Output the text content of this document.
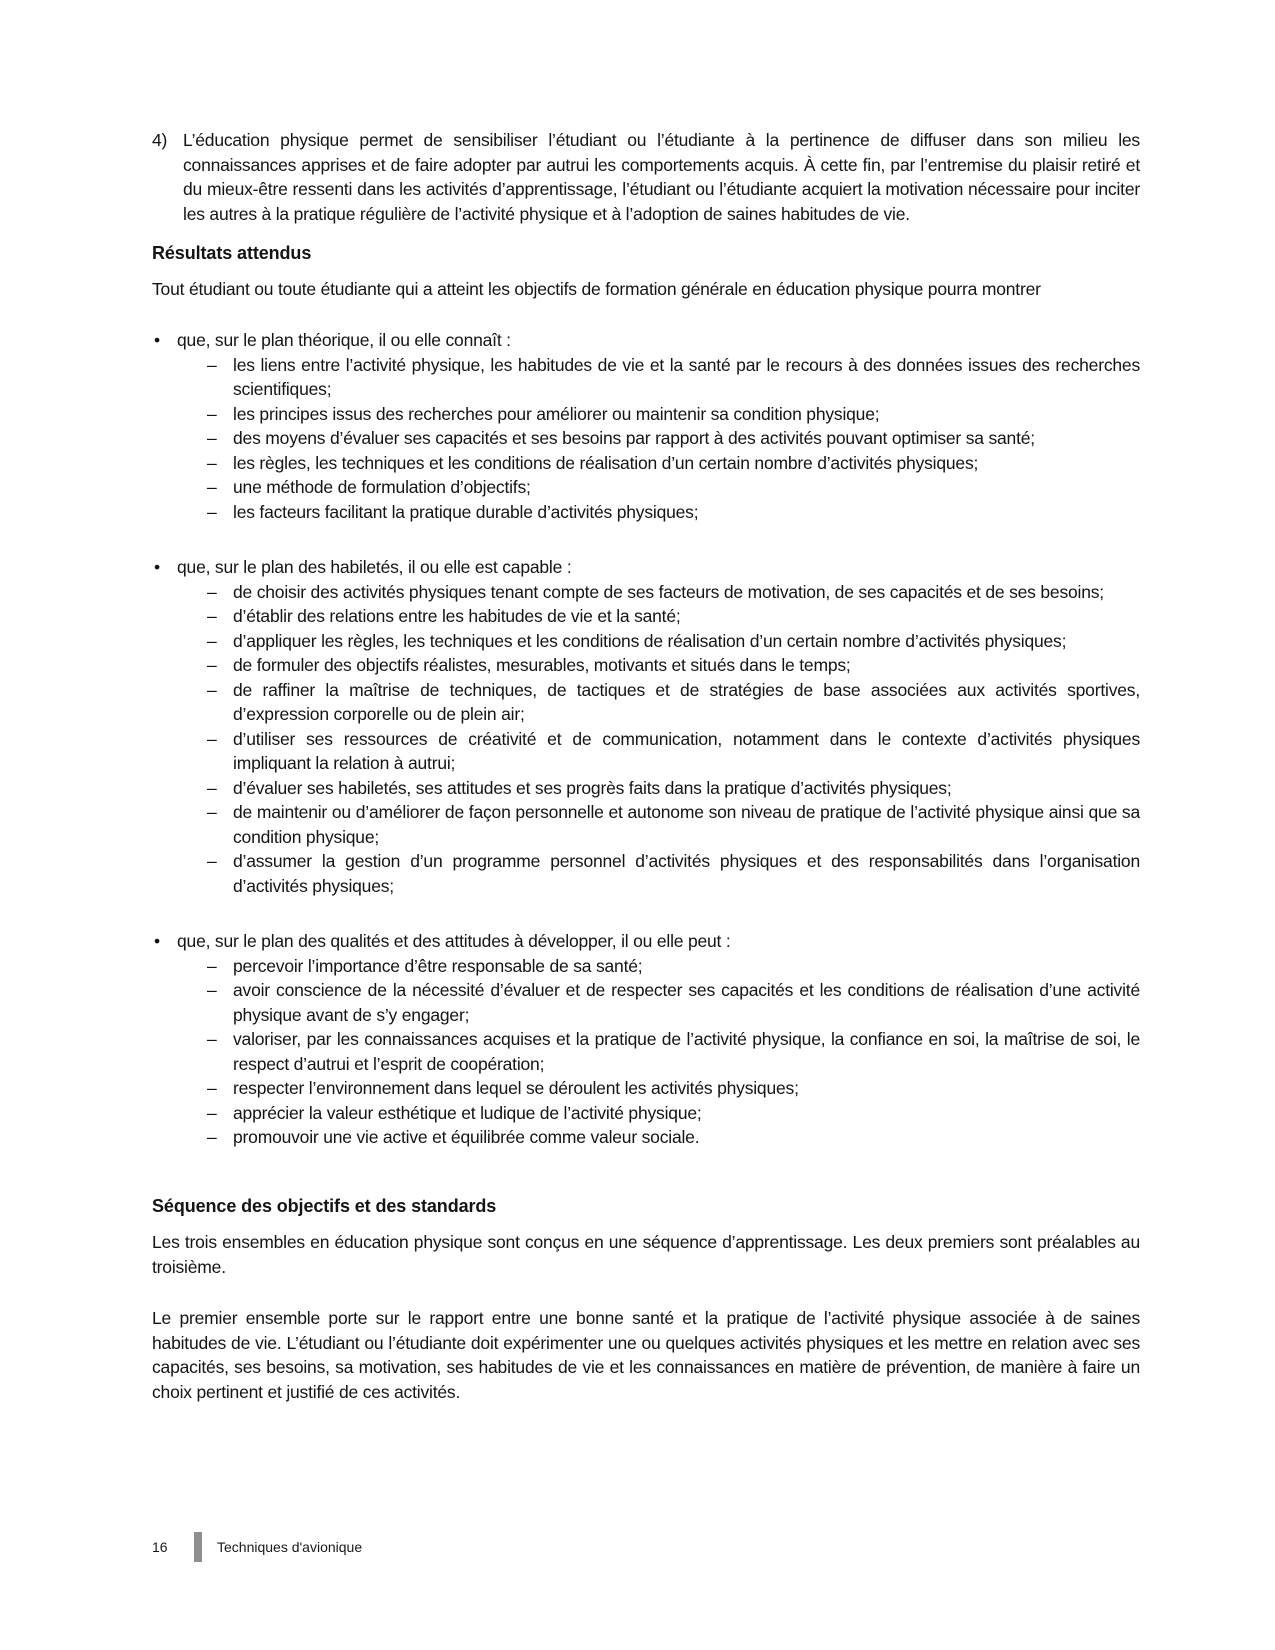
4) L’éducation physique permet de sensibiliser l’étudiant ou l’étudiante à la pertinence de diffuser dans son milieu les connaissances apprises et de faire adopter par autrui les comportements acquis. À cette fin, par l’entremise du plaisir retiré et du mieux-être ressenti dans les activités d’apprentissage, l’étudiant ou l’étudiante acquiert la motivation nécessaire pour inciter les autres à la pratique régulière de l’activité physique et à l’adoption de saines habitudes de vie.
Résultats attendus

Tout étudiant ou toute étudiante qui a atteint les objectifs de formation générale en éducation physique pourra montrer

• que, sur le plan théorique, il ou elle connaît :
– les liens entre l’activité physique, les habitudes de vie et la santé par le recours à des données issues des recherches scientifiques;
– les principes issus des recherches pour améliorer ou maintenir sa condition physique;
– des moyens d’évaluer ses capacités et ses besoins par rapport à des activités pouvant optimiser sa santé;
– les règles, les techniques et les conditions de réalisation d’un certain nombre d’activités physiques;
– une méthode de formulation d’objectifs;
– les facteurs facilitant la pratique durable d’activités physiques;
• que, sur le plan des habiletés, il ou elle est capable :
– de choisir des activités physiques tenant compte de ses facteurs de motivation, de ses capacités et de ses besoins;
– d’établir des relations entre les habitudes de vie et la santé;
– d’appliquer les règles, les techniques et les conditions de réalisation d’un certain nombre d’activités physiques;
– de formuler des objectifs réalistes, mesurables, motivants et situés dans le temps;
– de raffiner la maîtrise de techniques, de tactiques et de stratégies de base associées aux activités sportives, d’expression corporelle ou de plein air;
– d’utiliser ses ressources de créativité et de communication, notamment dans le contexte d’activités physiques impliquant la relation à autrui;
– d’évaluer ses habiletés, ses attitudes et ses progrès faits dans la pratique d’activités physiques;
– de maintenir ou d’améliorer de façon personnelle et autonome son niveau de pratique de l’activité physique ainsi que sa condition physique;
– d’assumer la gestion d’un programme personnel d’activités physiques et des responsabilités dans l’organisation d’activités physiques;
• que, sur le plan des qualités et des attitudes à développer, il ou elle peut :
– percevoir l’importance d’être responsable de sa santé;
– avoir conscience de la nécessité d’évaluer et de respecter ses capacités et les conditions de réalisation d’une activité physique avant de s’y engager;
– valoriser, par les connaissances acquises et la pratique de l’activité physique, la confiance en soi, la maîtrise de soi, le respect d’autrui et l’esprit de coopération;
– respecter l’environnement dans lequel se déroulent les activités physiques;
– apprécier la valeur esthétique et ludique de l’activité physique;
– promouvoir une vie active et équilibrée comme valeur sociale.
Séquence des objectifs et des standards

Les trois ensembles en éducation physique sont conçus en une séquence d’apprentissage. Les deux premiers sont préalables au troisième.

Le premier ensemble porte sur le rapport entre une bonne santé et la pratique de l’activité physique associée à de saines habitudes de vie. L’étudiant ou l’étudiante doit expérimenter une ou quelques activités physiques et les mettre en relation avec ses capacités, ses besoins, sa motivation, ses habitudes de vie et les connaissances en matière de prévention, de manière à faire un choix pertinent et justifié de ces activités.

16	Techniques d'avionique
